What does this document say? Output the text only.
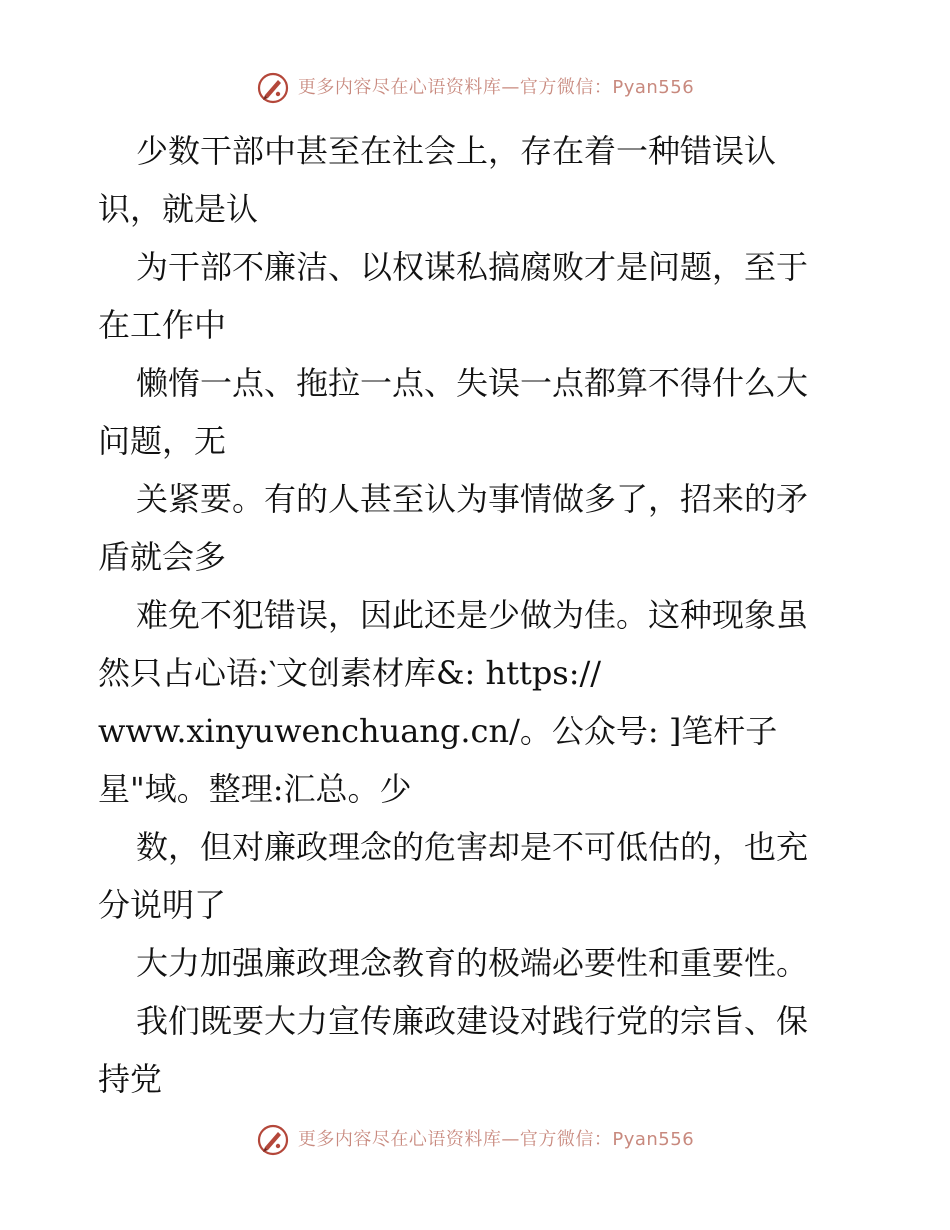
更多内容尽在心语资料库—官方微信：Pyan556
少数干部中甚至在社会上，存在着一种错误认
识，就是认
为干部不廉洁、以权谋私搞腐败才是问题，至于
在工作中
懒惰一点、拖拉一点、失误一点都算不得什么大
问题，无
关紧要。有的人甚至认为事情做多了，招来的矛
盾就会多
难免不犯错误，因此还是少做为佳。这种现象虽
然只占心语:‵文创素材库&: https://
www.xinyuwenchuang.cn/。公众号: ]笔杆子
星"域。整理:汇总。少
数，但对廉政理念的危害却是不可低估的，也充
分说明了
大力加强廉政理念教育的极端必要性和重要性。
我们既要大力宣传廉政建设对践行党的宗旨、保
持党
更多内容尽在心语资料库—官方微信：Pyan556
